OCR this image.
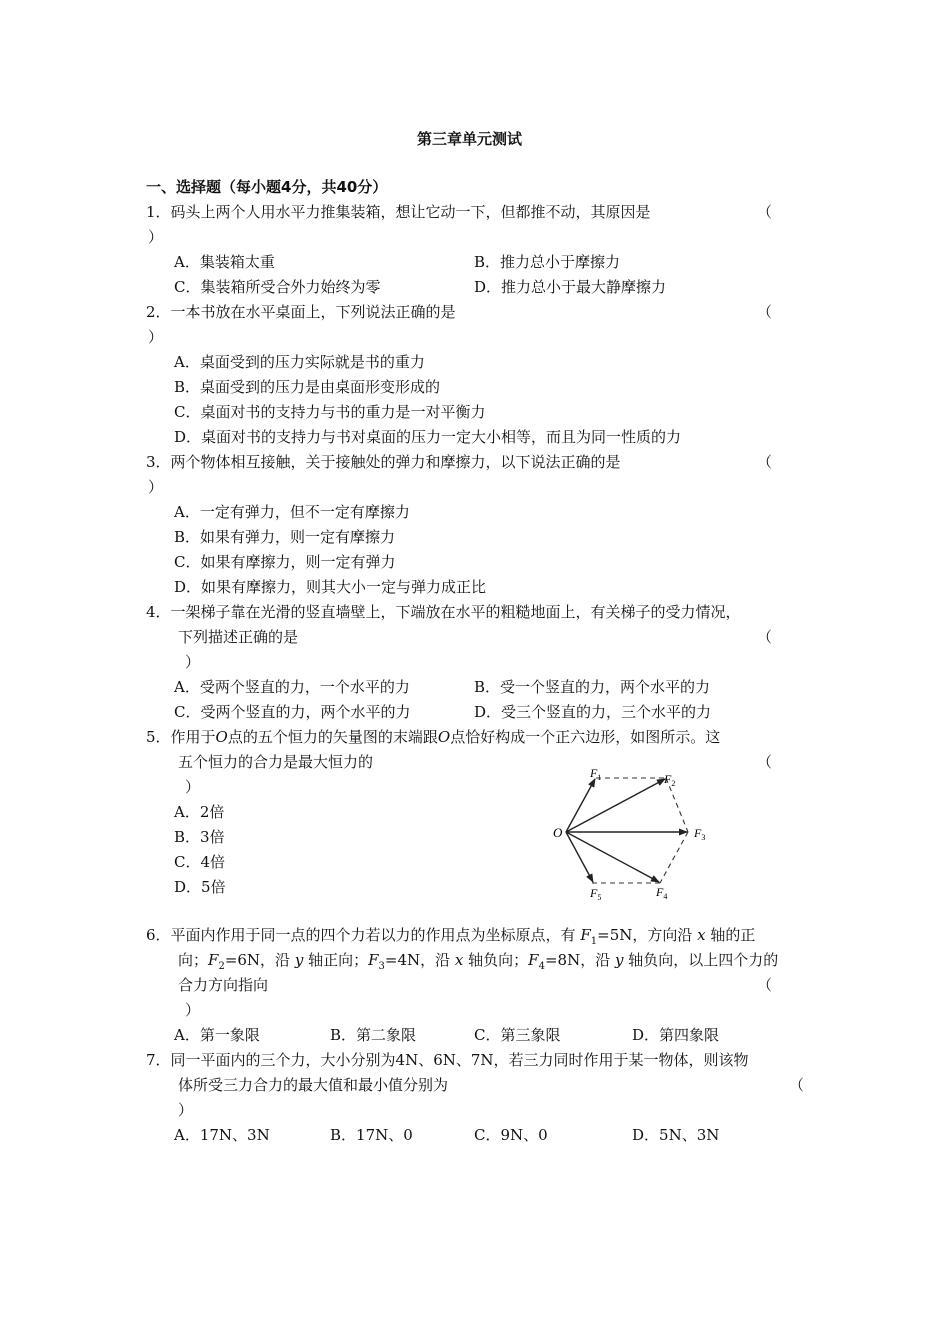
第三章单元测试
一、选择题（每小题4分，共40分）
1．码头上两个人用水平力推集装箱，想让它动一下，但都推不动，其原因是	（
）
A．集装箱太重	B．推力总小于摩擦力
C．集装箱所受合外力始终为零	D．推力总小于最大静摩擦力
2．一本书放在水平桌面上，下列说法正确的是	（
）
A．桌面受到的压力实际就是书的重力
B．桌面受到的压力是由桌面形变形成的
C．桌面对书的支持力与书的重力是一对平衡力
D．桌面对书的支持力与书对桌面的压力一定大小相等，而且为同一性质的力
3．两个物体相互接触，关于接触处的弹力和摩擦力，以下说法正确的是	（
）
A．一定有弹力，但不一定有摩擦力
B．如果有弹力，则一定有摩擦力
C．如果有摩擦力，则一定有弹力
D．如果有摩擦力，则其大小一定与弹力成正比
4．一架梯子靠在光滑的竖直墙壁上，下端放在水平的粗糙地面上，有关梯子的受力情况，
下列描述正确的是	（
）
A．受两个竖直的力，一个水平的力	B．受一个竖直的力，两个水平的力
C．受两个竖直的力，两个水平的力	D．受三个竖直的力，三个水平的力
5．作用于O点的五个恒力的矢量图的末端跟O点恰好构成一个正六边形，如图所示。这
五个恒力的合力是最大恒力的	（
）
A．2倍
B．3倍
C．4倍
D．5倍
O
$F_1$	$F_2$
$F_3$
$F_4$
$F_5$
6．平面内作用于同一点的四个力若以力的作用点为坐标原点，有 $F_1=5N$，方向沿 x 轴的正
向；$F_2=6N$，沿 y 轴正向；$F_3=4N$，沿 x 轴负向；$F_4=8N$，沿 y 轴负向，以上四个力的
合力方向指向	（
）
A．第一象限	B．第二象限	C．第三象限	D．第四象限
7．同一平面内的三个力，大小分别为4N、6N、7N，若三力同时作用于某一物体，则该物
体所受三力合力的最大值和最小值分别为	（
）
A．17N、3N	B．17N、0	C．9N、0	D．5N、3N
